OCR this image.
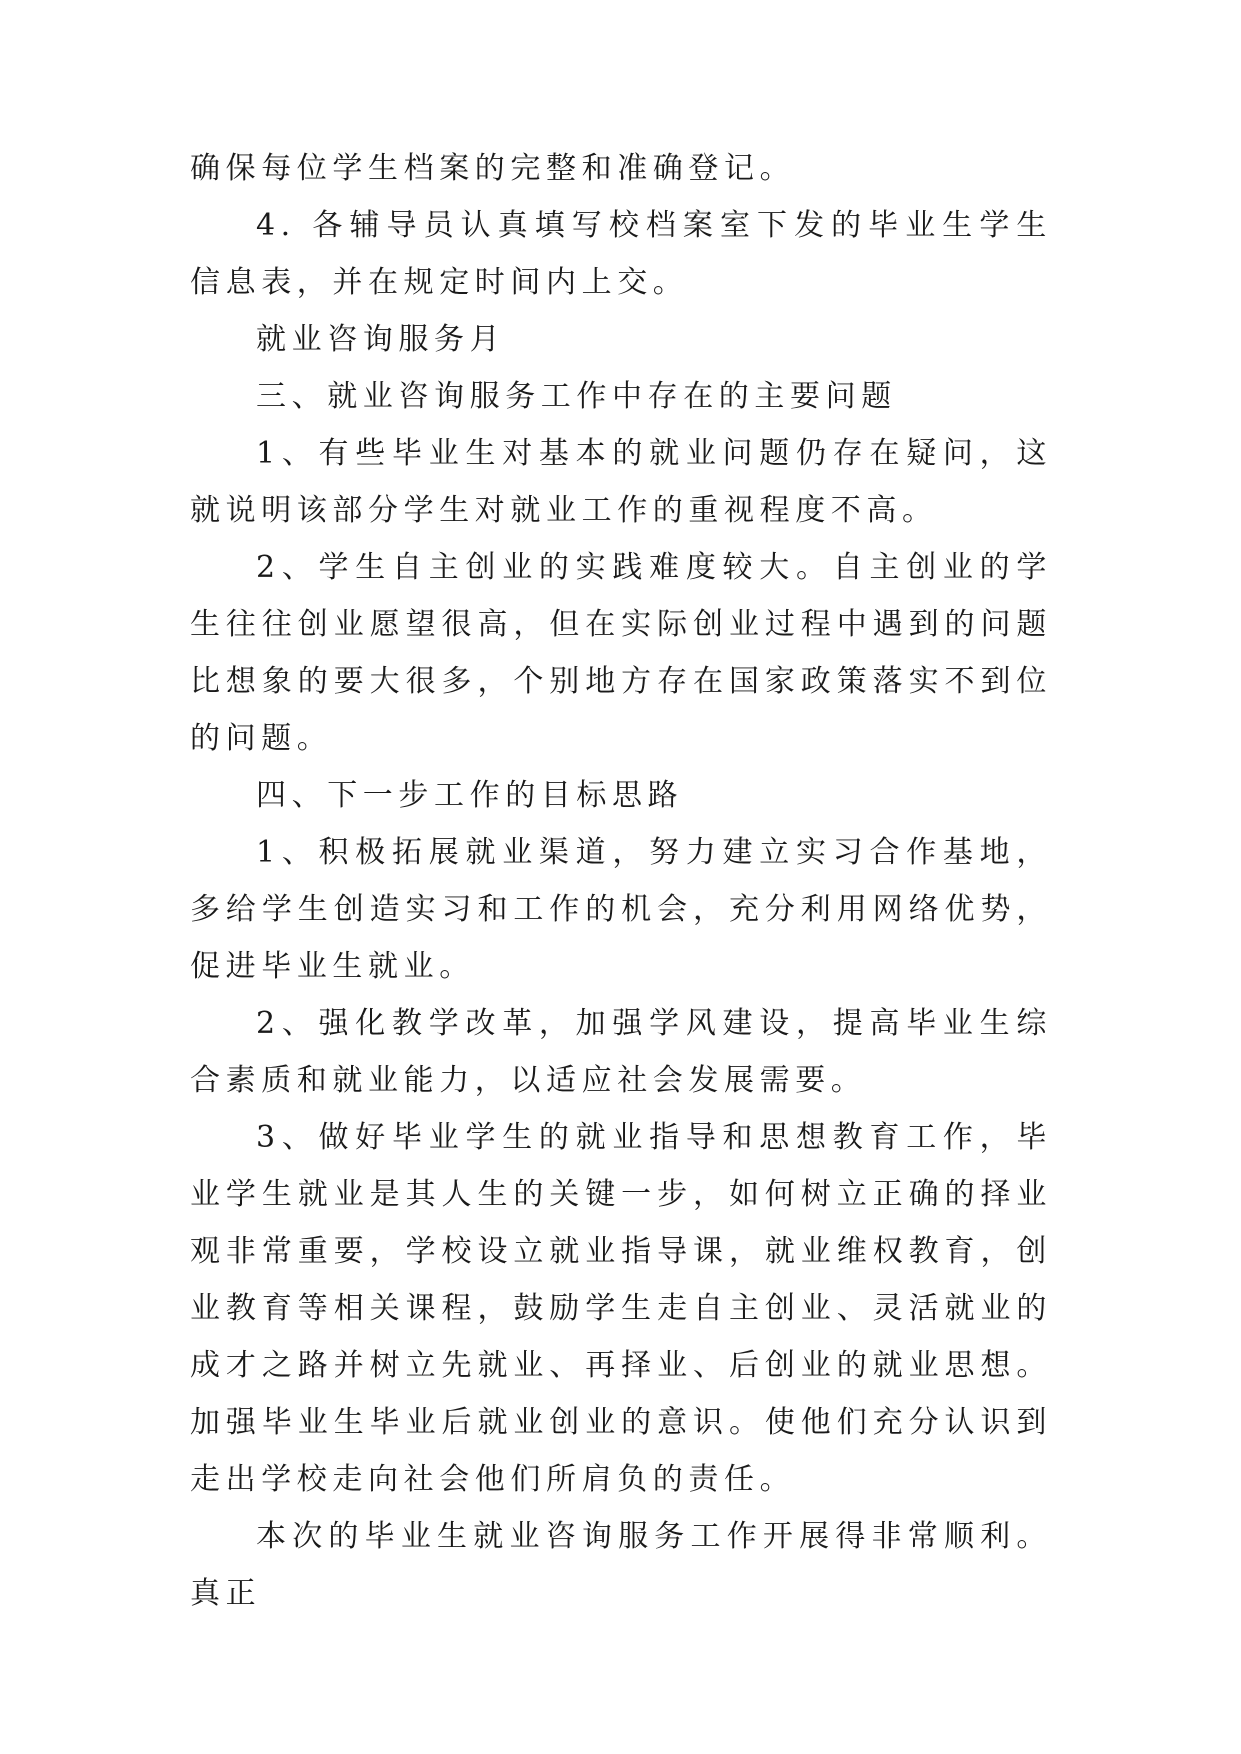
确保每位学生档案的完整和准确登记。

4. 各辅导员认真填写校档案室下发的毕业生学生信息表，并在规定时间内上交。

就业咨询服务月

三、就业咨询服务工作中存在的主要问题

1、有些毕业生对基本的就业问题仍存在疑问，这就说明该部分学生对就业工作的重视程度不高。

2、学生自主创业的实践难度较大。自主创业的学生往往创业愿望很高，但在实际创业过程中遇到的问题比想象的要大很多，个别地方存在国家政策落实不到位的问题。

四、下一步工作的目标思路

1、积极拓展就业渠道，努力建立实习合作基地，多给学生创造实习和工作的机会，充分利用网络优势，促进毕业生就业。

2、强化教学改革，加强学风建设，提高毕业生综合素质和就业能力，以适应社会发展需要。

3、做好毕业学生的就业指导和思想教育工作，毕业学生就业是其人生的关键一步，如何树立正确的择业观非常重要，学校设立就业指导课，就业维权教育，创业教育等相关课程，鼓励学生走自主创业、灵活就业的成才之路并树立先就业、再择业、后创业的就业思想。加强毕业生毕业后就业创业的意识。使他们充分认识到走出学校走向社会他们所肩负的责任。

本次的毕业生就业咨询服务工作开展得非常顺利。真正
